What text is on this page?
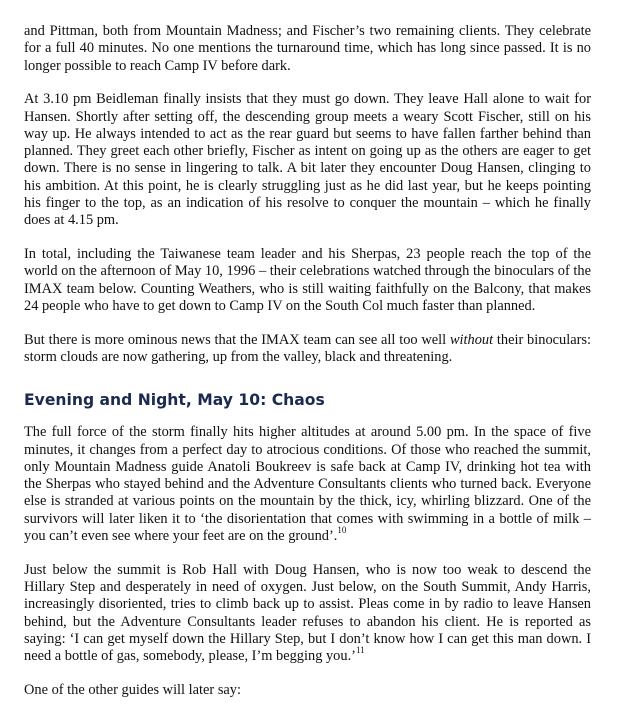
and Pittman, both from Mountain Madness; and Fischer’s two remaining clients. They celebrate for a full 40 minutes. No one mentions the turnaround time, which has long since passed. It is no longer possible to reach Camp IV before dark.

At 3.10 pm Beidleman finally insists that they must go down. They leave Hall alone to wait for Hansen. Shortly after setting off, the descending group meets a weary Scott Fischer, still on his way up. He always intended to act as the rear guard but seems to have fallen farther behind than planned. They greet each other briefly, Fischer as intent on going up as the others are eager to get down. There is no sense in lingering to talk. A bit later they encounter Doug Hansen, clinging to his ambition. At this point, he is clearly struggling just as he did last year, but he keeps pointing his finger to the top, as an indication of his resolve to conquer the mountain – which he finally does at 4.15 pm.

In total, including the Taiwanese team leader and his Sherpas, 23 people reach the top of the world on the afternoon of May 10, 1996 – their celebrations watched through the binoculars of the IMAX team below. Counting Weathers, who is still waiting faithfully on the Balcony, that makes 24 people who have to get down to Camp IV on the South Col much faster than planned.

But there is more ominous news that the IMAX team can see all too well without their binoculars: storm clouds are now gathering, up from the valley, black and threatening.

Evening and Night, May 10: Chaos

The full force of the storm finally hits higher altitudes at around 5.00 pm. In the space of five minutes, it changes from a perfect day to atrocious conditions. Of those who reached the summit, only Mountain Madness guide Anatoli Boukreev is safe back at Camp IV, drinking hot tea with the Sherpas who stayed behind and the Adventure Consultants clients who turned back. Everyone else is stranded at various points on the mountain by the thick, icy, whirling blizzard. One of the survivors will later liken it to ‘the disorientation that comes with swimming in a bottle of milk – you can’t even see where your feet are on the ground’.$^{10}$

Just below the summit is Rob Hall with Doug Hansen, who is now too weak to descend the Hillary Step and desperately in need of oxygen. Just below, on the South Summit, Andy Harris, increasingly disoriented, tries to climb back up to assist. Pleas come in by radio to leave Hansen behind, but the Adventure Consultants leader refuses to abandon his client. He is reported as saying: ‘I can get myself down the Hillary Step, but I don’t know how I can get this man down. I need a bottle of gas, somebody, please, I’m begging you.’$^{11}$

One of the other guides will later say:
